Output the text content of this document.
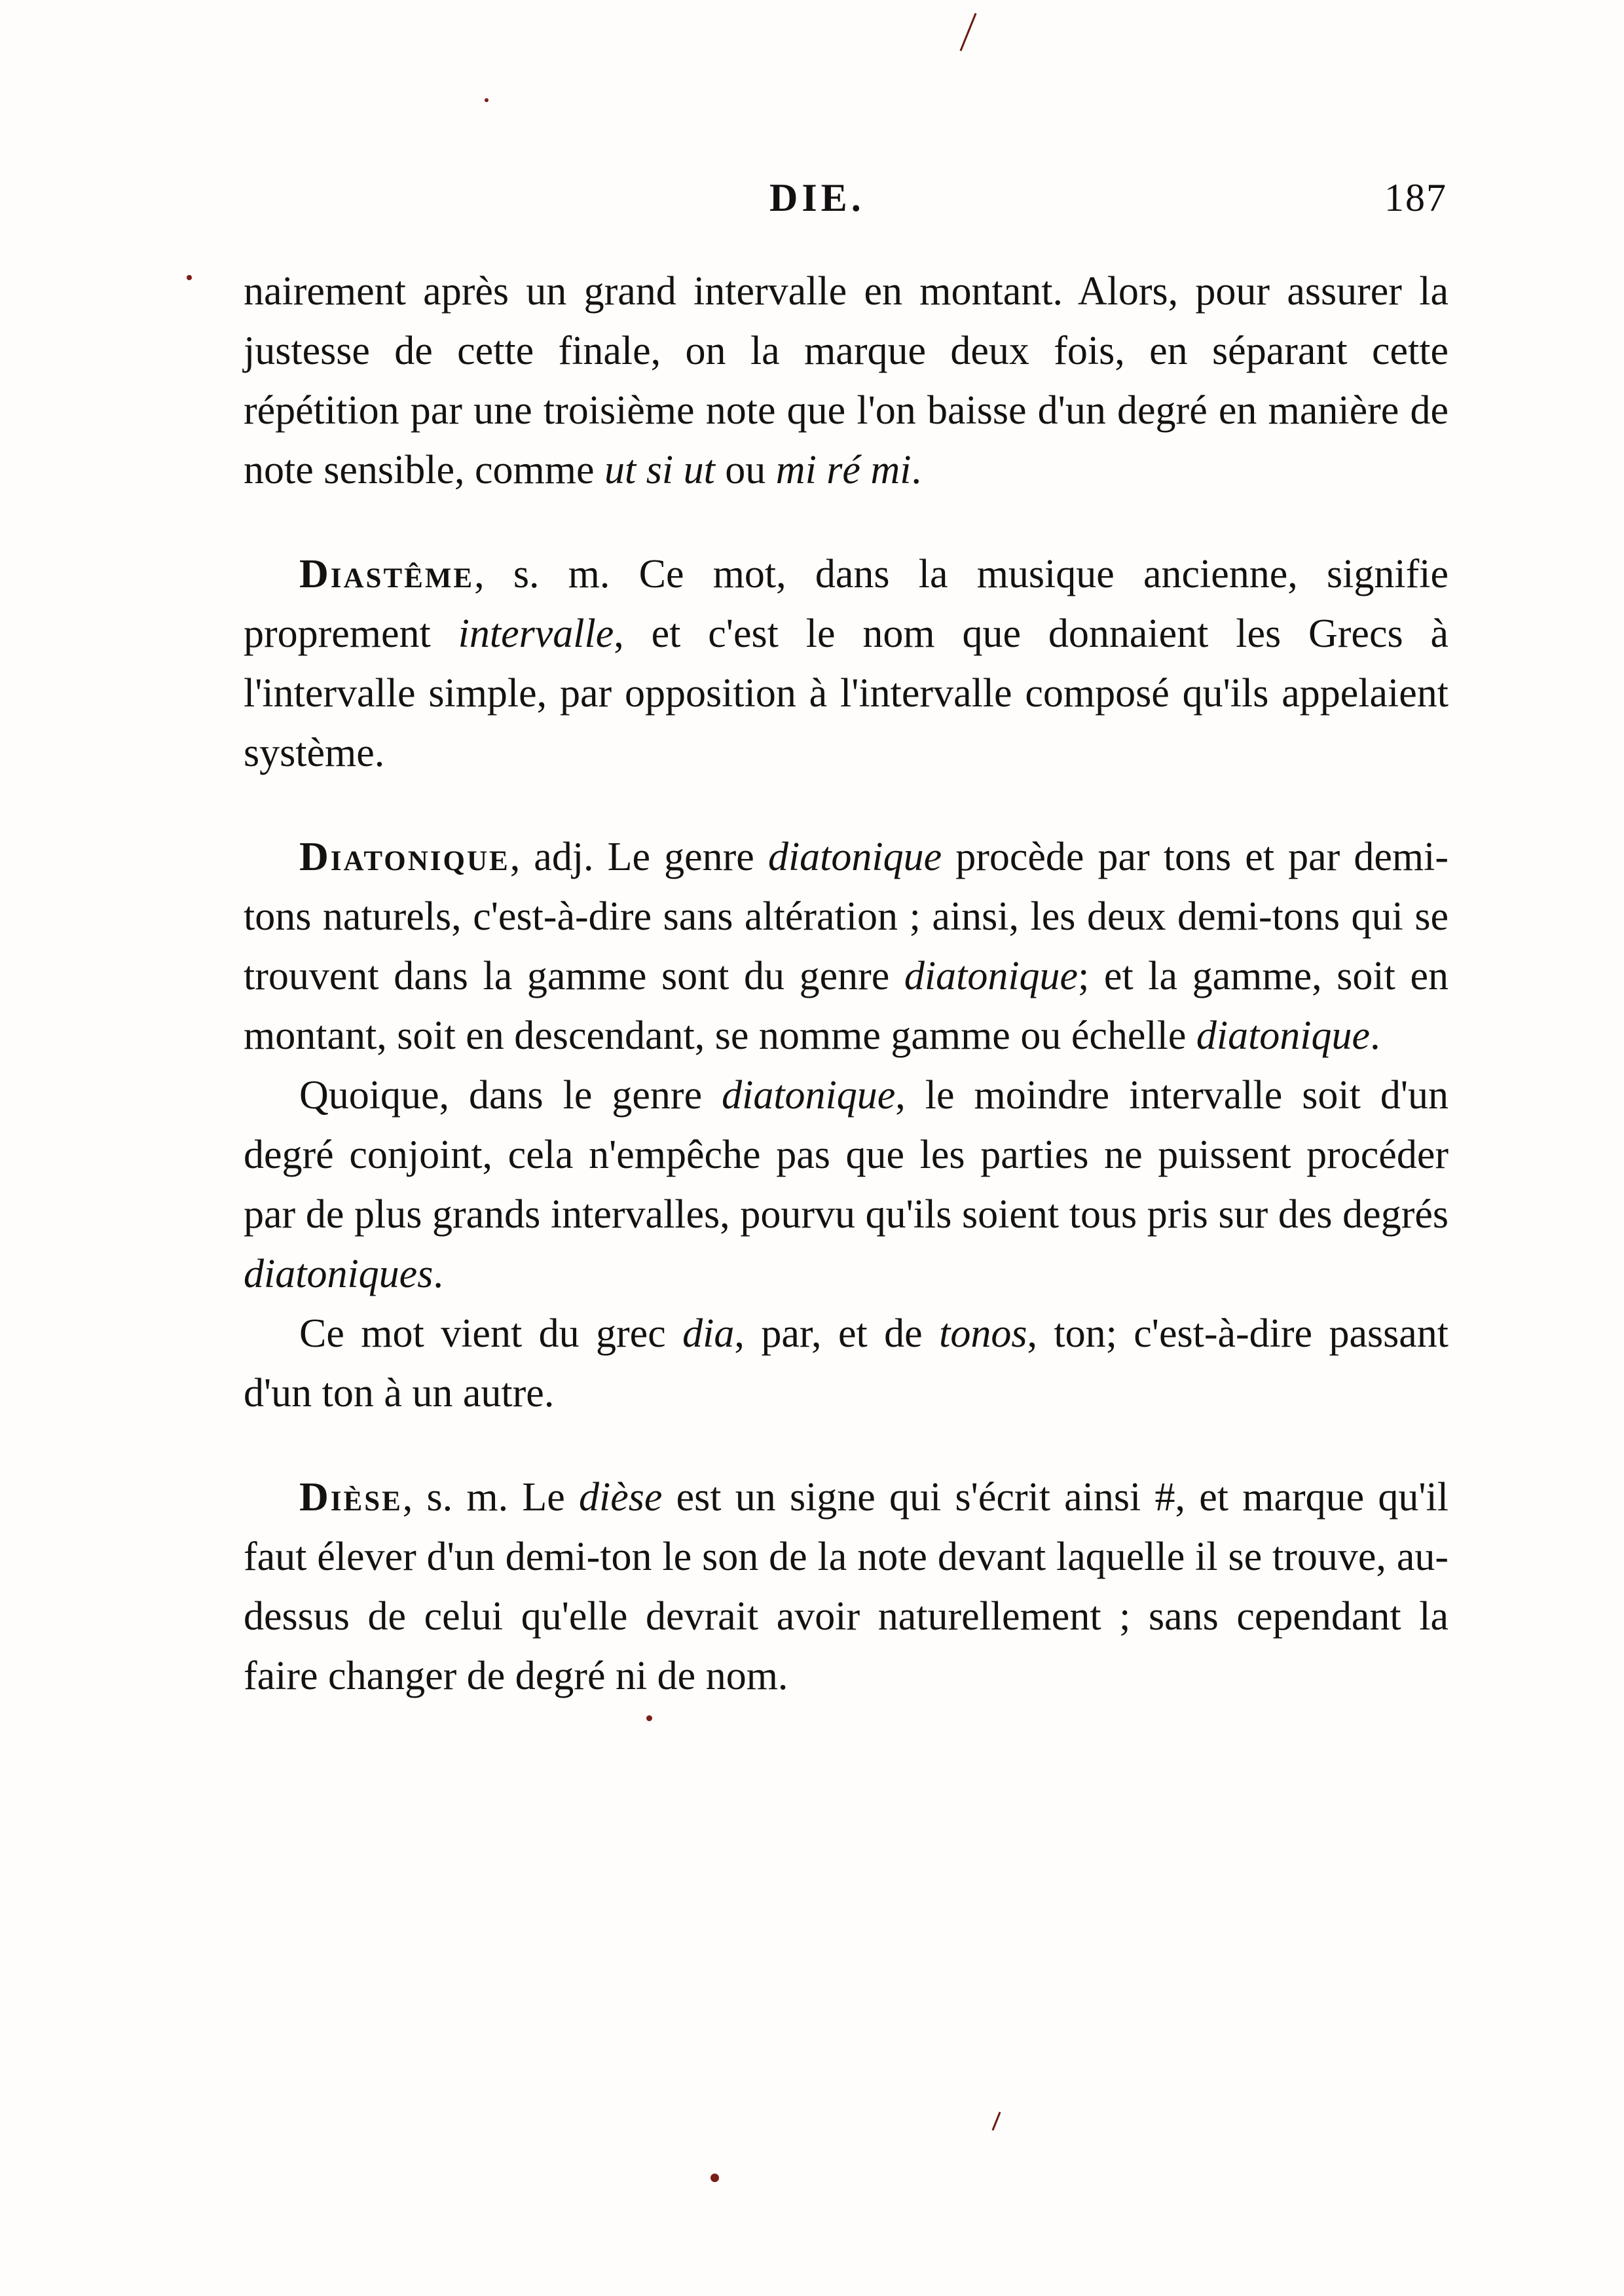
DIE.	187

nairement après un grand intervalle en montant. Alors, pour assurer la justesse de cette finale, on la marque deux fois, en séparant cette répétition par une troisième note que l'on baisse d'un degré en manière de note sensible, comme ut si ut ou mi ré mi.

Diastême, s. m. Ce mot, dans la musique ancienne, signifie proprement intervalle, et c'est le nom que donnaient les Grecs à l'intervalle simple, par opposition à l'intervalle composé qu'ils appelaient système.

Diatonique, adj. Le genre diatonique procède par tons et par demi-tons naturels, c'est-à-dire sans altération ; ainsi, les deux demi-tons qui se trouvent dans la gamme sont du genre diatonique; et la gamme, soit en montant, soit en descendant, se nomme gamme ou échelle diatonique.

Quoique, dans le genre diatonique, le moindre intervalle soit d'un degré conjoint, cela n'empêche pas que les parties ne puissent procéder par de plus grands intervalles, pourvu qu'ils soient tous pris sur des degrés diatoniques.

Ce mot vient du grec dia, par, et de tonos, ton; c'est-à-dire passant d'un ton à un autre.

Dièse, s. m. Le dièse est un signe qui s'écrit ainsi #, et marque qu'il faut élever d'un demi-ton le son de la note devant laquelle il se trouve, au-dessus de celui qu'elle devrait avoir naturellement ; sans cependant la faire changer de degré ni de nom.
